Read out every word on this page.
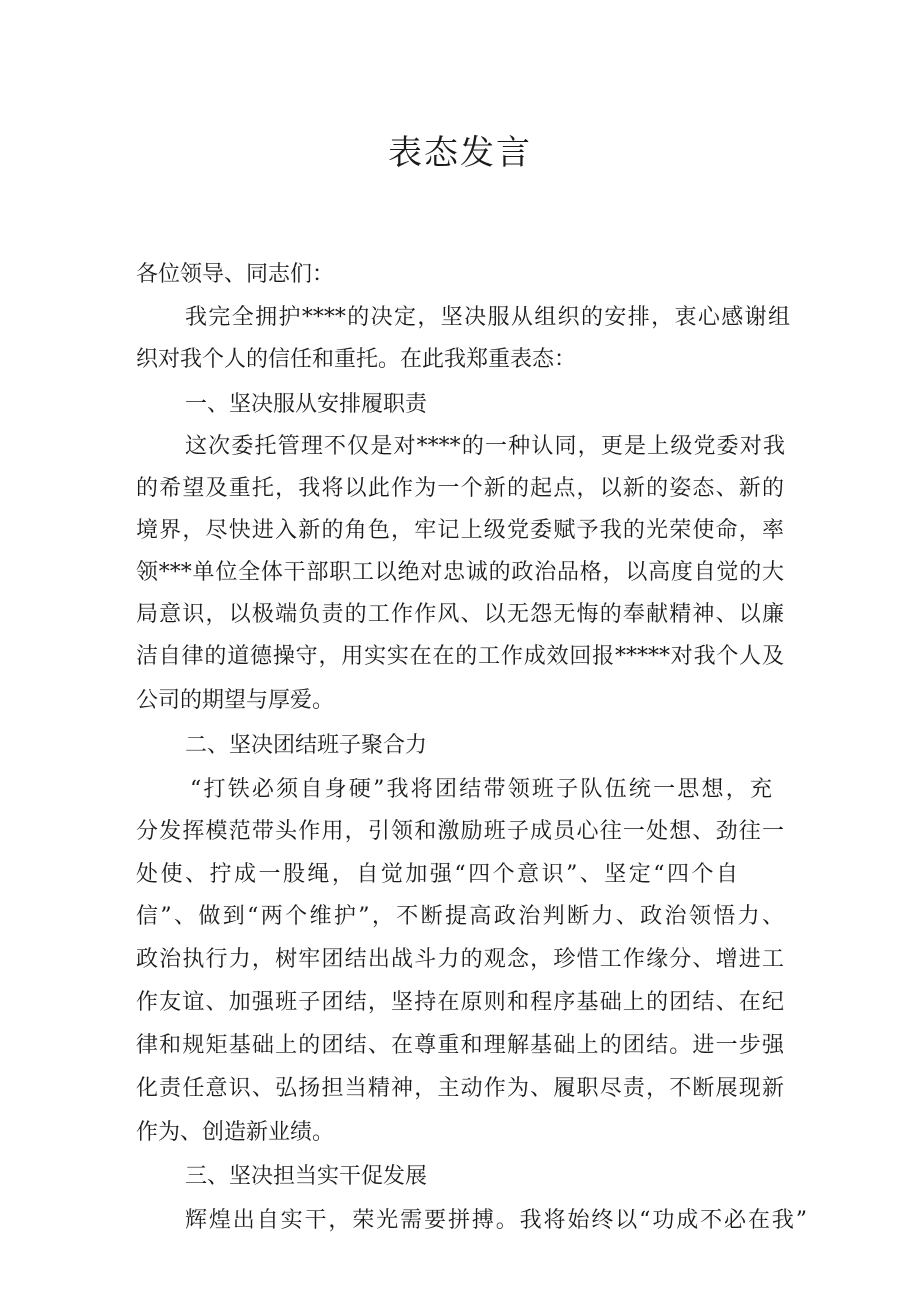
表态发言
各位领导、同志们：
我完全拥护****的决定，坚决服从组织的安排，衷心感谢组
织对我个人的信任和重托。在此我郑重表态：
一、坚决服从安排履职责
这次委托管理不仅是对****的一种认同，更是上级党委对我
的希望及重托，我将以此作为一个新的起点，以新的姿态、新的
境界，尽快进入新的角色，牢记上级党委赋予我的光荣使命，率
领***单位全体干部职工以绝对忠诚的政治品格，以高度自觉的大
局意识，以极端负责的工作作风、以无怨无悔的奉献精神、以廉
洁自律的道德操守，用实实在在的工作成效回报*****对我个人及
公司的期望与厚爱。
二、坚决团结班子聚合力
“打铁必须自身硬”我将团结带领班子队伍统一思想，充
分发挥模范带头作用，引领和激励班子成员心往一处想、劲往一
处使、拧成一股绳，自觉加强“四个意识”、坚定“四个自
信”、做到“两个维护”，不断提高政治判断力、政治领悟力、
政治执行力，树牢团结出战斗力的观念，珍惜工作缘分、增进工
作友谊、加强班子团结，坚持在原则和程序基础上的团结、在纪
律和规矩基础上的团结、在尊重和理解基础上的团结。进一步强
化责任意识、弘扬担当精神，主动作为、履职尽责，不断展现新
作为、创造新业绩。
三、坚决担当实干促发展
辉煌出自实干，荣光需要拼搏。我将始终以“功成不必在我”
